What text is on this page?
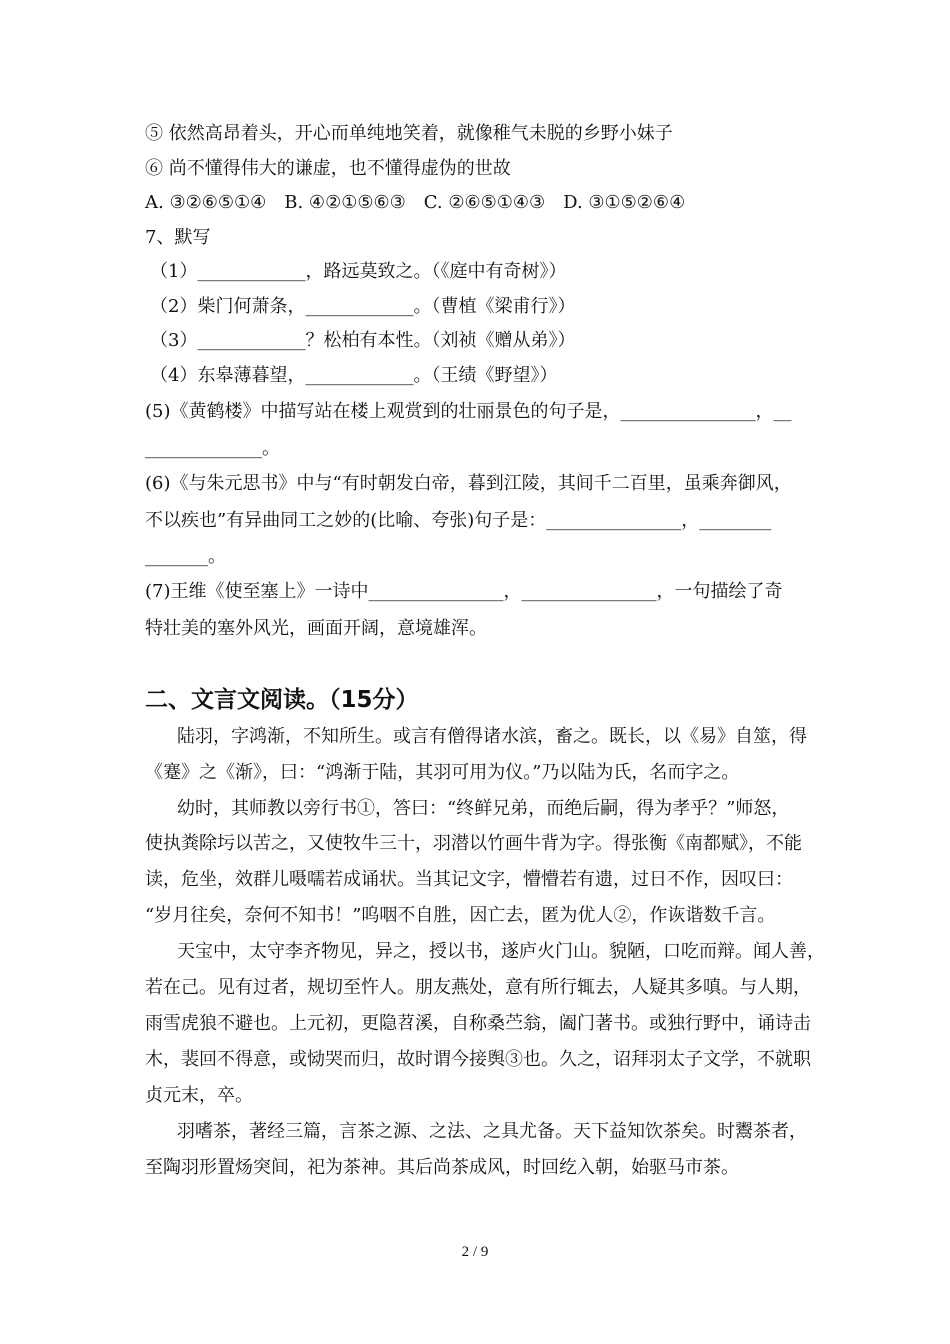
⑤ 依然高昂着头，开心而单纯地笑着，就像稚气未脱的乡野小妹子
⑥ 尚不懂得伟大的谦虚，也不懂得虚伪的世故
A. ③②⑥⑤①④　B. ④②①⑤⑥③　C. ②⑥⑤①④③　D. ③①⑤②⑥④
7、默写
（1）____________，路远莫致之。（《庭中有奇树》）
（2）柴门何萧条，____________。（曹植《梁甫行》）
（3）____________？松柏有本性。（刘祯《赠从弟》）
（4）东皋薄暮望，____________。（王绩《野望》）
(5)《黄鹤楼》中描写站在楼上观赏到的壮丽景色的句子是，_______________，__
_____________。
(6)《与朱元思书》中与“有时朝发白帝，暮到江陵，其间千二百里，虽乘奔御风，
不以疾也”有异曲同工之妙的(比喻、夸张)句子是：_______________，________
_______。
(7)王维《使至塞上》一诗中_______________，_______________，一句描绘了奇
特壮美的塞外风光，画面开阔，意境雄浑。
二、文言文阅读。（15分）
陆羽，字鸿渐，不知所生。或言有僧得诸水滨，畜之。既长，以《易》自筮，得
《蹇》之《渐》，曰：“鸿渐于陆，其羽可用为仪。”乃以陆为氏，名而字之。
幼时，其师教以旁行书①，答曰：“终鲜兄弟，而绝后嗣，得为孝乎？”师怒，
使执粪除圬以苦之，又使牧牛三十，羽潜以竹画牛背为字。得张衡《南都赋》，不能
读，危坐，效群儿嗫嚅若成诵状。当其记文字，懵懵若有遗，过日不作，因叹曰：
“岁月往矣，奈何不知书！”呜咽不自胜，因亡去，匿为优人②，作诙谐数千言。
天宝中，太守李齐物见，异之，授以书，遂庐火门山。貌陋，口吃而辩。闻人善，
若在己。见有过者，规切至忤人。朋友燕处，意有所行辄去，人疑其多嗔。与人期，
雨雪虎狼不避也。上元初，更隐苕溪，自称桑苎翁，阖门著书。或独行野中，诵诗击
木，裴回不得意，或恸哭而归，故时谓今接舆③也。久之，诏拜羽太子文学，不就职
贞元末，卒。
羽嗜茶，著经三篇，言茶之源、之法、之具尤备。天下益知饮茶矣。时鬻茶者，
至陶羽形置炀突间，祀为茶神。其后尚茶成风，时回纥入朝，始驱马市茶。
2 / 9
